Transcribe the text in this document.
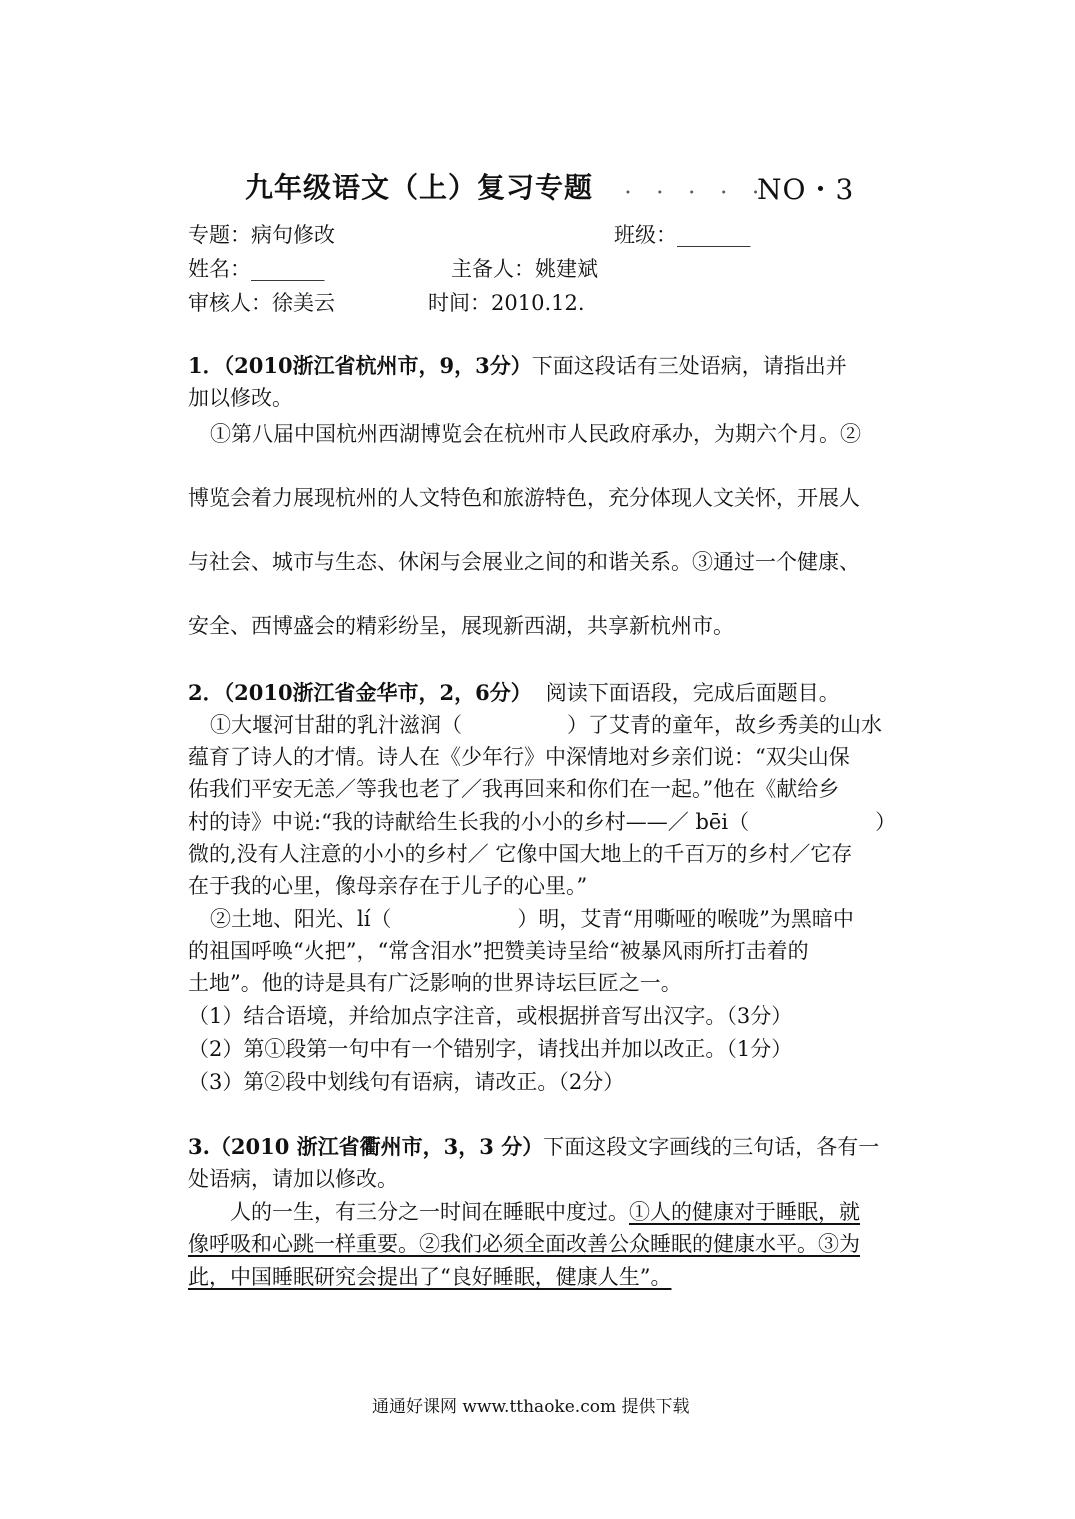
九年级语文（上）复习专题	•••••
NO・3
专题：病句修改	班级：_______
姓名：_______	主备人：姚建斌
审核人：徐美云	时间：2010.12.
1．（2010浙江省杭州市，9，3分）下面这段话有三处语病，请指出并
加以修改。
①第八届中国杭州西湖博览会在杭州市人民政府承办，为期六个月。②
博览会着力展现杭州的人文特色和旅游特色，充分体现人文关怀，开展人
与社会、城市与生态、休闲与会展业之间的和谐关系。③通过一个健康、
安全、西博盛会的精彩纷呈，展现新西湖，共享新杭州市。
2．（2010浙江省金华市，2，6分） 阅读下面语段，完成后面题目。
①大堰河甘甜的乳汁滋润（　　　　　）了艾青的童年，故乡秀美的山水
蕴育了诗人的才情。诗人在《少年行》中深情地对乡亲们说：“双尖山保
佑我们平安无恙／等我也老了／我再回来和你们在一起。”他在《献给乡
村的诗》中说:“我的诗献给生长我的小小的乡村——／ bēi（　　　　　　）
微的,没有人注意的小小的乡村／ 它像中国大地上的千百万的乡村／它存
在于我的心里，像母亲存在于儿子的心里。”
②土地、阳光、lí（　　　　　　）明，艾青“用嘶哑的喉咙”为黑暗中
的祖国呼唤“火把”，“常含泪水”把赞美诗呈给“被暴风雨所打击着的
土地”。他的诗是具有广泛影响的世界诗坛巨匠之一。
（1）结合语境，并给加点字注音，或根据拼音写出汉字。（3分）
（2）第①段第一句中有一个错别字，请找出并加以改正。（1分）
（3）第②段中划线句有语病，请改正。（2分）
3.（2010 浙江省衢州市，3，3 分）下面这段文字画线的三句话，各有一
处语病，请加以修改。
人的一生，有三分之一时间在睡眠中度过。①人的健康对于睡眠，就
像呼吸和心跳一样重要。②我们必须全面改善公众睡眠的健康水平。③为
此，中国睡眠研究会提出了“良好睡眠，健康人生”。
通通好课网 www.tthaoke.com 提供下载
